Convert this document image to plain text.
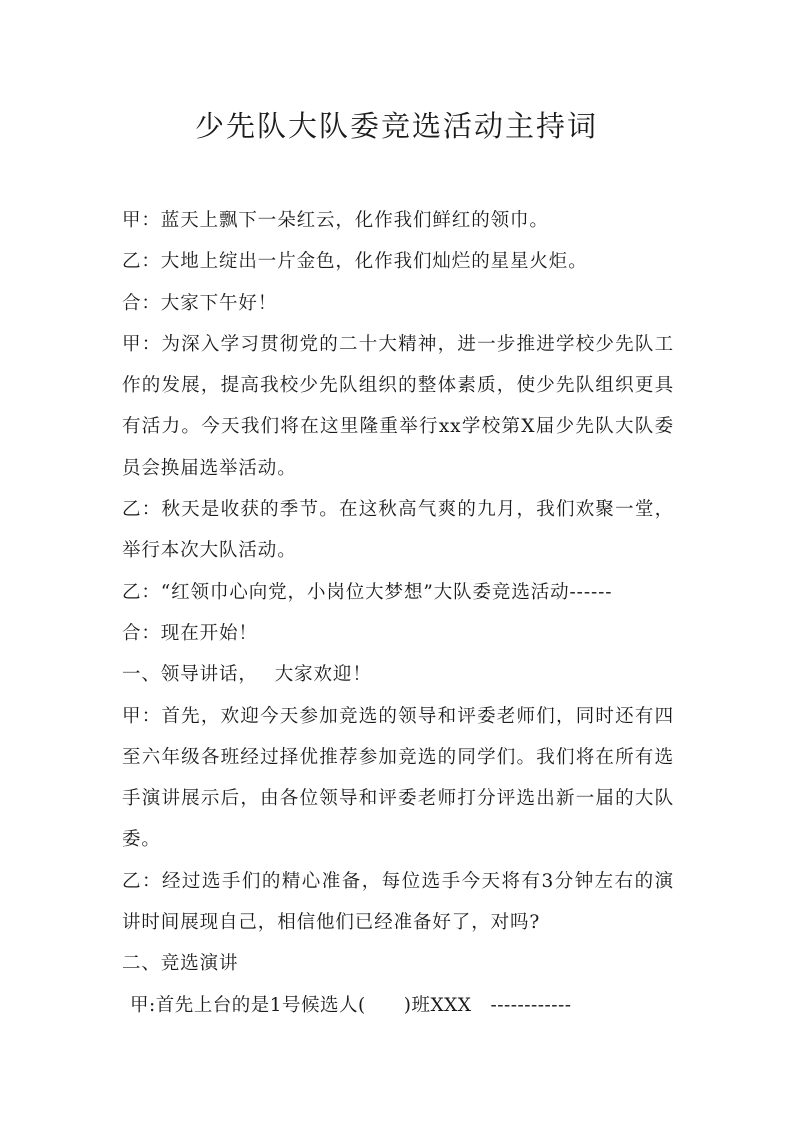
少先队大队委竞选活动主持词

甲：蓝天上飘下一朵红云，化作我们鲜红的领巾。

乙：大地上绽出一片金色，化作我们灿烂的星星火炬。

合：大家下午好！

甲：为深入学习贯彻党的二十大精神，进一步推进学校少先队工作的发展，提高我校少先队组织的整体素质，使少先队组织更具有活力。今天我们将在这里隆重举行xx学校第X届少先队大队委员会换届选举活动。

乙：秋天是收获的季节。在这秋高气爽的九月，我们欢聚一堂，举行本次大队活动。

乙：“红领巾心向党，小岗位大梦想”大队委竞选活动------

合：现在开始！

一、领导讲话，　 大家欢迎！

甲：首先，欢迎今天参加竞选的领导和评委老师们，同时还有四至六年级各班经过择优推荐参加竞选的同学们。我们将在所有选手演讲展示后，由各位领导和评委老师打分评选出新一届的大队委。

乙：经过选手们的精心准备，每位选手今天将有3分钟左右的演讲时间展现自己，相信他们已经准备好了，对吗?

二、竞选演讲

甲:首先上台的是1号候选人(　　)班XXX　------------
